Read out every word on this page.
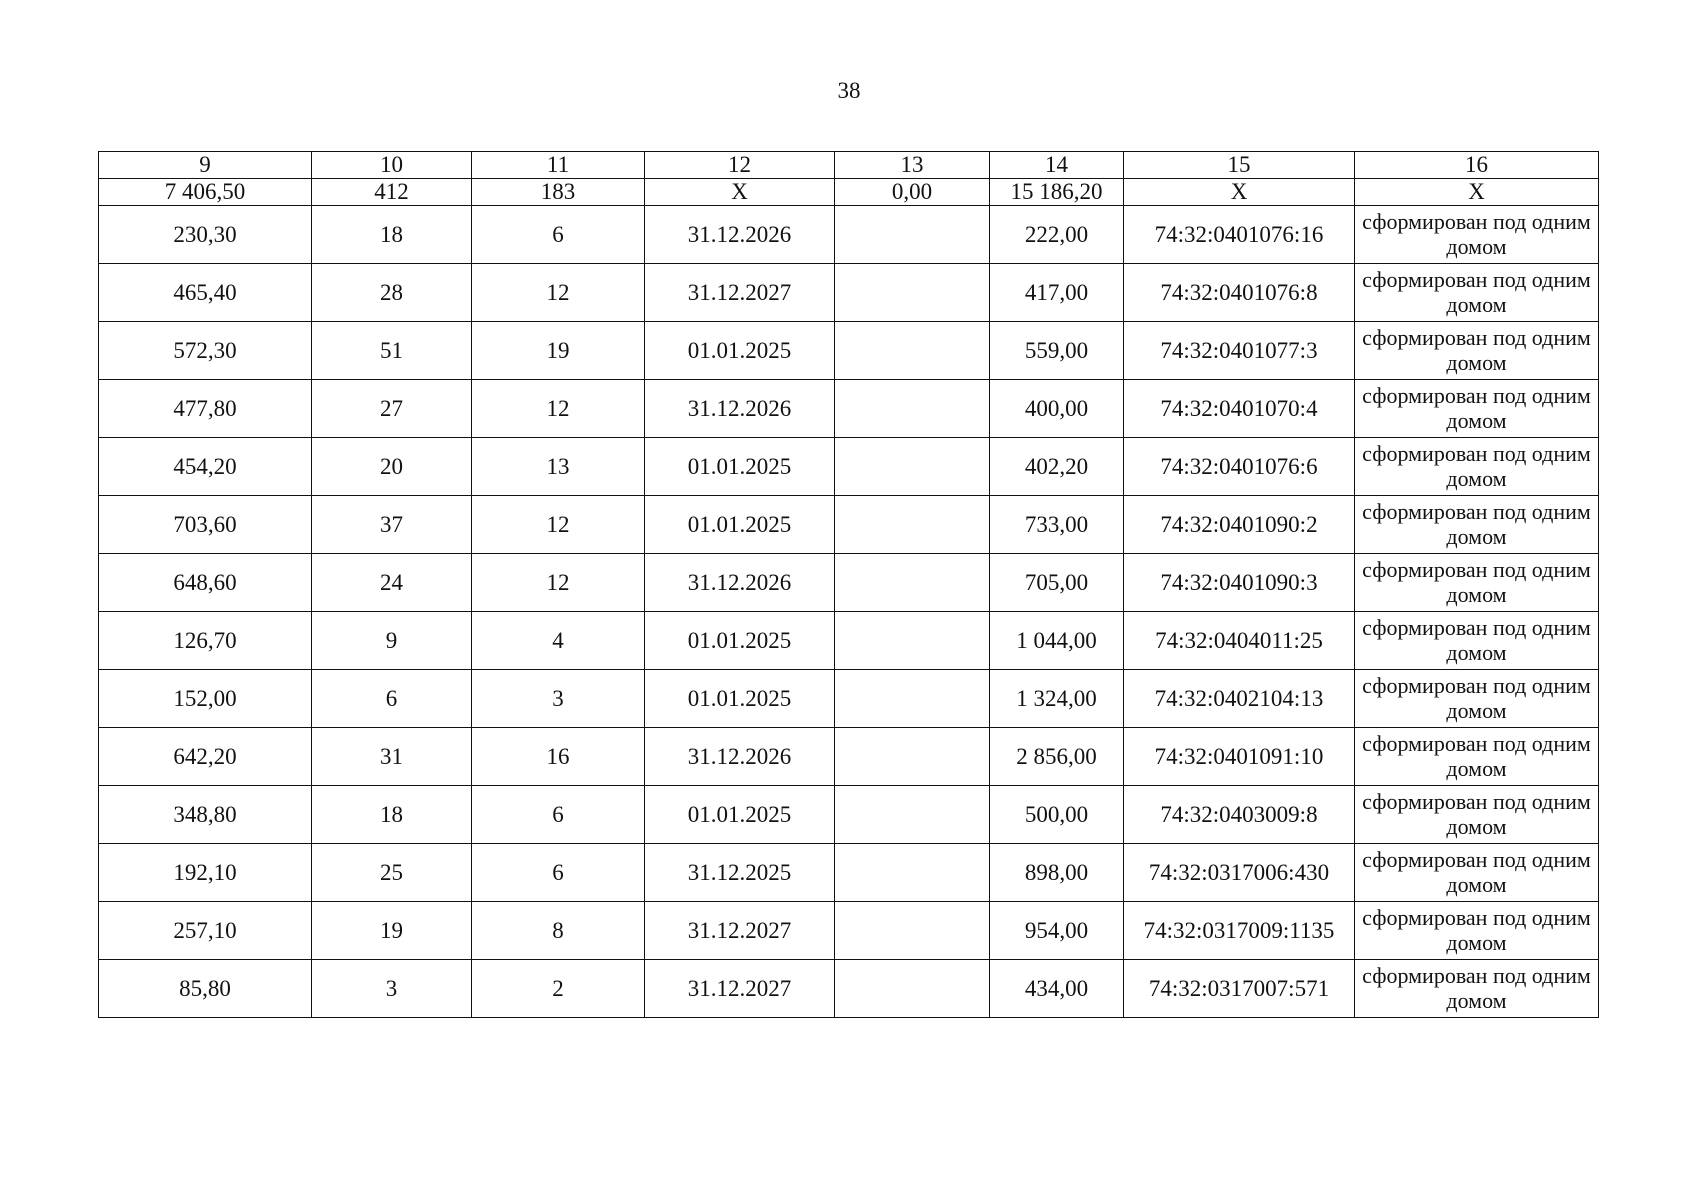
38
9	10	11	12	13	14	15	16
7 406,50	412	183	X	0,00	15 186,20	X	X
230,30	18	6	31.12.2026		222,00	74:32:0401076:16	сформирован под одним домом
465,40	28	12	31.12.2027		417,00	74:32:0401076:8	сформирован под одним домом
572,30	51	19	01.01.2025		559,00	74:32:0401077:3	сформирован под одним домом
477,80	27	12	31.12.2026		400,00	74:32:0401070:4	сформирован под одним домом
454,20	20	13	01.01.2025		402,20	74:32:0401076:6	сформирован под одним домом
703,60	37	12	01.01.2025		733,00	74:32:0401090:2	сформирован под одним домом
648,60	24	12	31.12.2026		705,00	74:32:0401090:3	сформирован под одним домом
126,70	9	4	01.01.2025		1 044,00	74:32:0404011:25	сформирован под одним домом
152,00	6	3	01.01.2025		1 324,00	74:32:0402104:13	сформирован под одним домом
642,20	31	16	31.12.2026		2 856,00	74:32:0401091:10	сформирован под одним домом
348,80	18	6	01.01.2025		500,00	74:32:0403009:8	сформирован под одним домом
192,10	25	6	31.12.2025		898,00	74:32:0317006:430	сформирован под одним домом
257,10	19	8	31.12.2027		954,00	74:32:0317009:1135	сформирован под одним домом
85,80	3	2	31.12.2027		434,00	74:32:0317007:571	сформирован под одним домом
